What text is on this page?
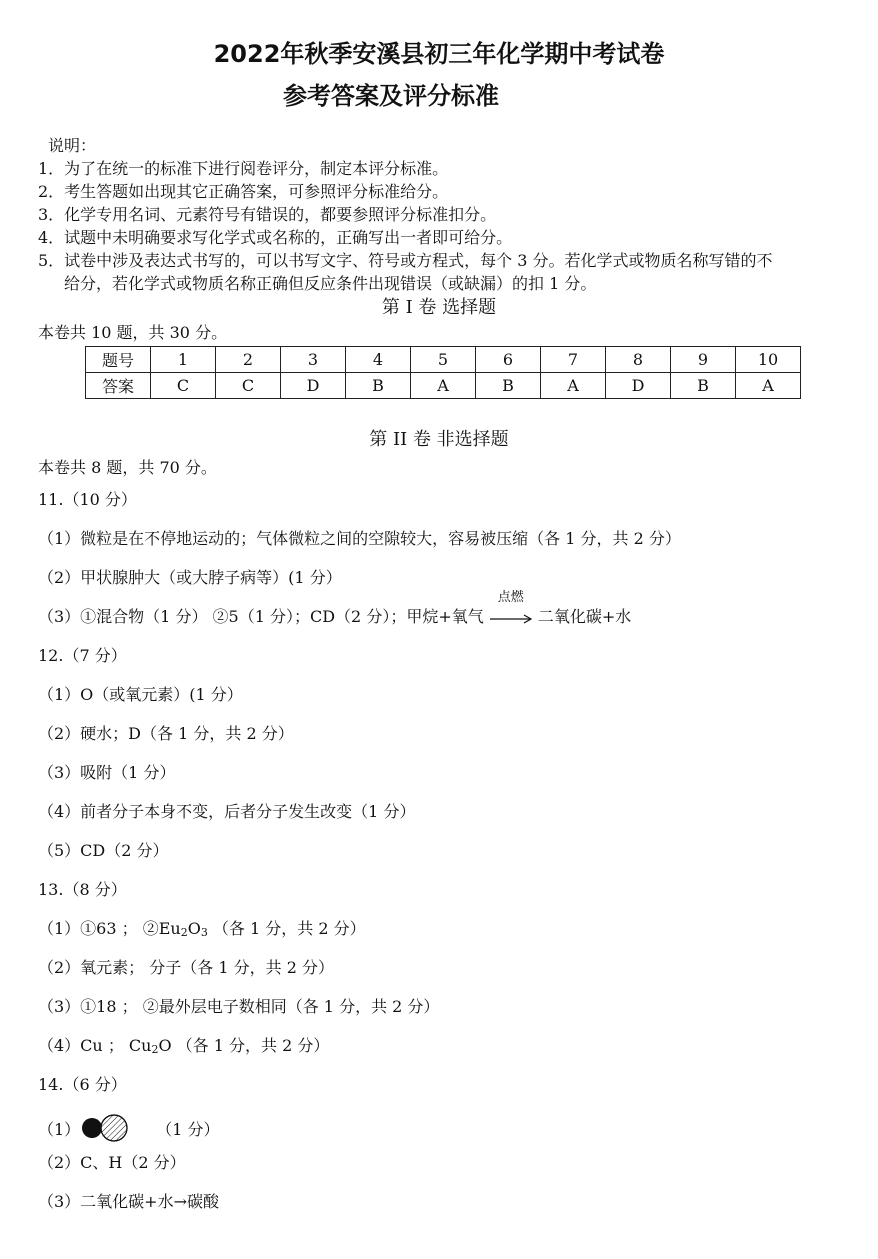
2022年秋季安溪县初三年化学期中考试卷
参考答案及评分标准
说明：
1．为了在统一的标准下进行阅卷评分，制定本评分标准。
2．考生答题如出现其它正确答案，可参照评分标准给分。
3．化学专用名词、元素符号有错误的，都要参照评分标准扣分。
4．试题中未明确要求写化学式或名称的，正确写出一者即可给分。
5．试卷中涉及表达式书写的，可以书写文字、符号或方程式，每个 3 分。若化学式或物质名称写错的不
给分，若化学式或物质名称正确但反应条件出现错误（或缺漏）的扣 1 分。
第 I 卷 选择题
本卷共 10 题，共 30 分。
题号	1	2	3	4	5	6	7	8	9	10
答案	C	C	D	B	A	B	A	D	B	A
第 II 卷 非选择题
本卷共 8 题，共 70 分。
11.（10 分）
（1）微粒是在不停地运动的；气体微粒之间的空隙较大，容易被压缩（各 1 分，共 2 分）
（2）甲状腺肿大（或大脖子病等）(1 分）
（3）①混合物（1 分） ②5（1 分）；CD（2 分）；甲烷+氧气
点燃
二氧化碳+水
12.（7 分）
（1）O（或氧元素）(1 分）
（2）硬水；D（各 1 分，共 2 分）
（3）吸附（1 分）
（4）前者分子本身不变，后者分子发生改变（1 分）
（5）CD（2 分）
13.（8 分）
（1）①63 ； ②Eu2O3 （各 1 分，共 2 分）
（2）氧元素； 分子（各 1 分，共 2 分）
（3）①18 ； ②最外层电子数相同（各 1 分，共 2 分）
（4）Cu ； Cu2O （各 1 分，共 2 分）
14.（6 分）
（1）	（1 分）
（2）C、H（2 分）
（3）二氧化碳+水→碳酸
